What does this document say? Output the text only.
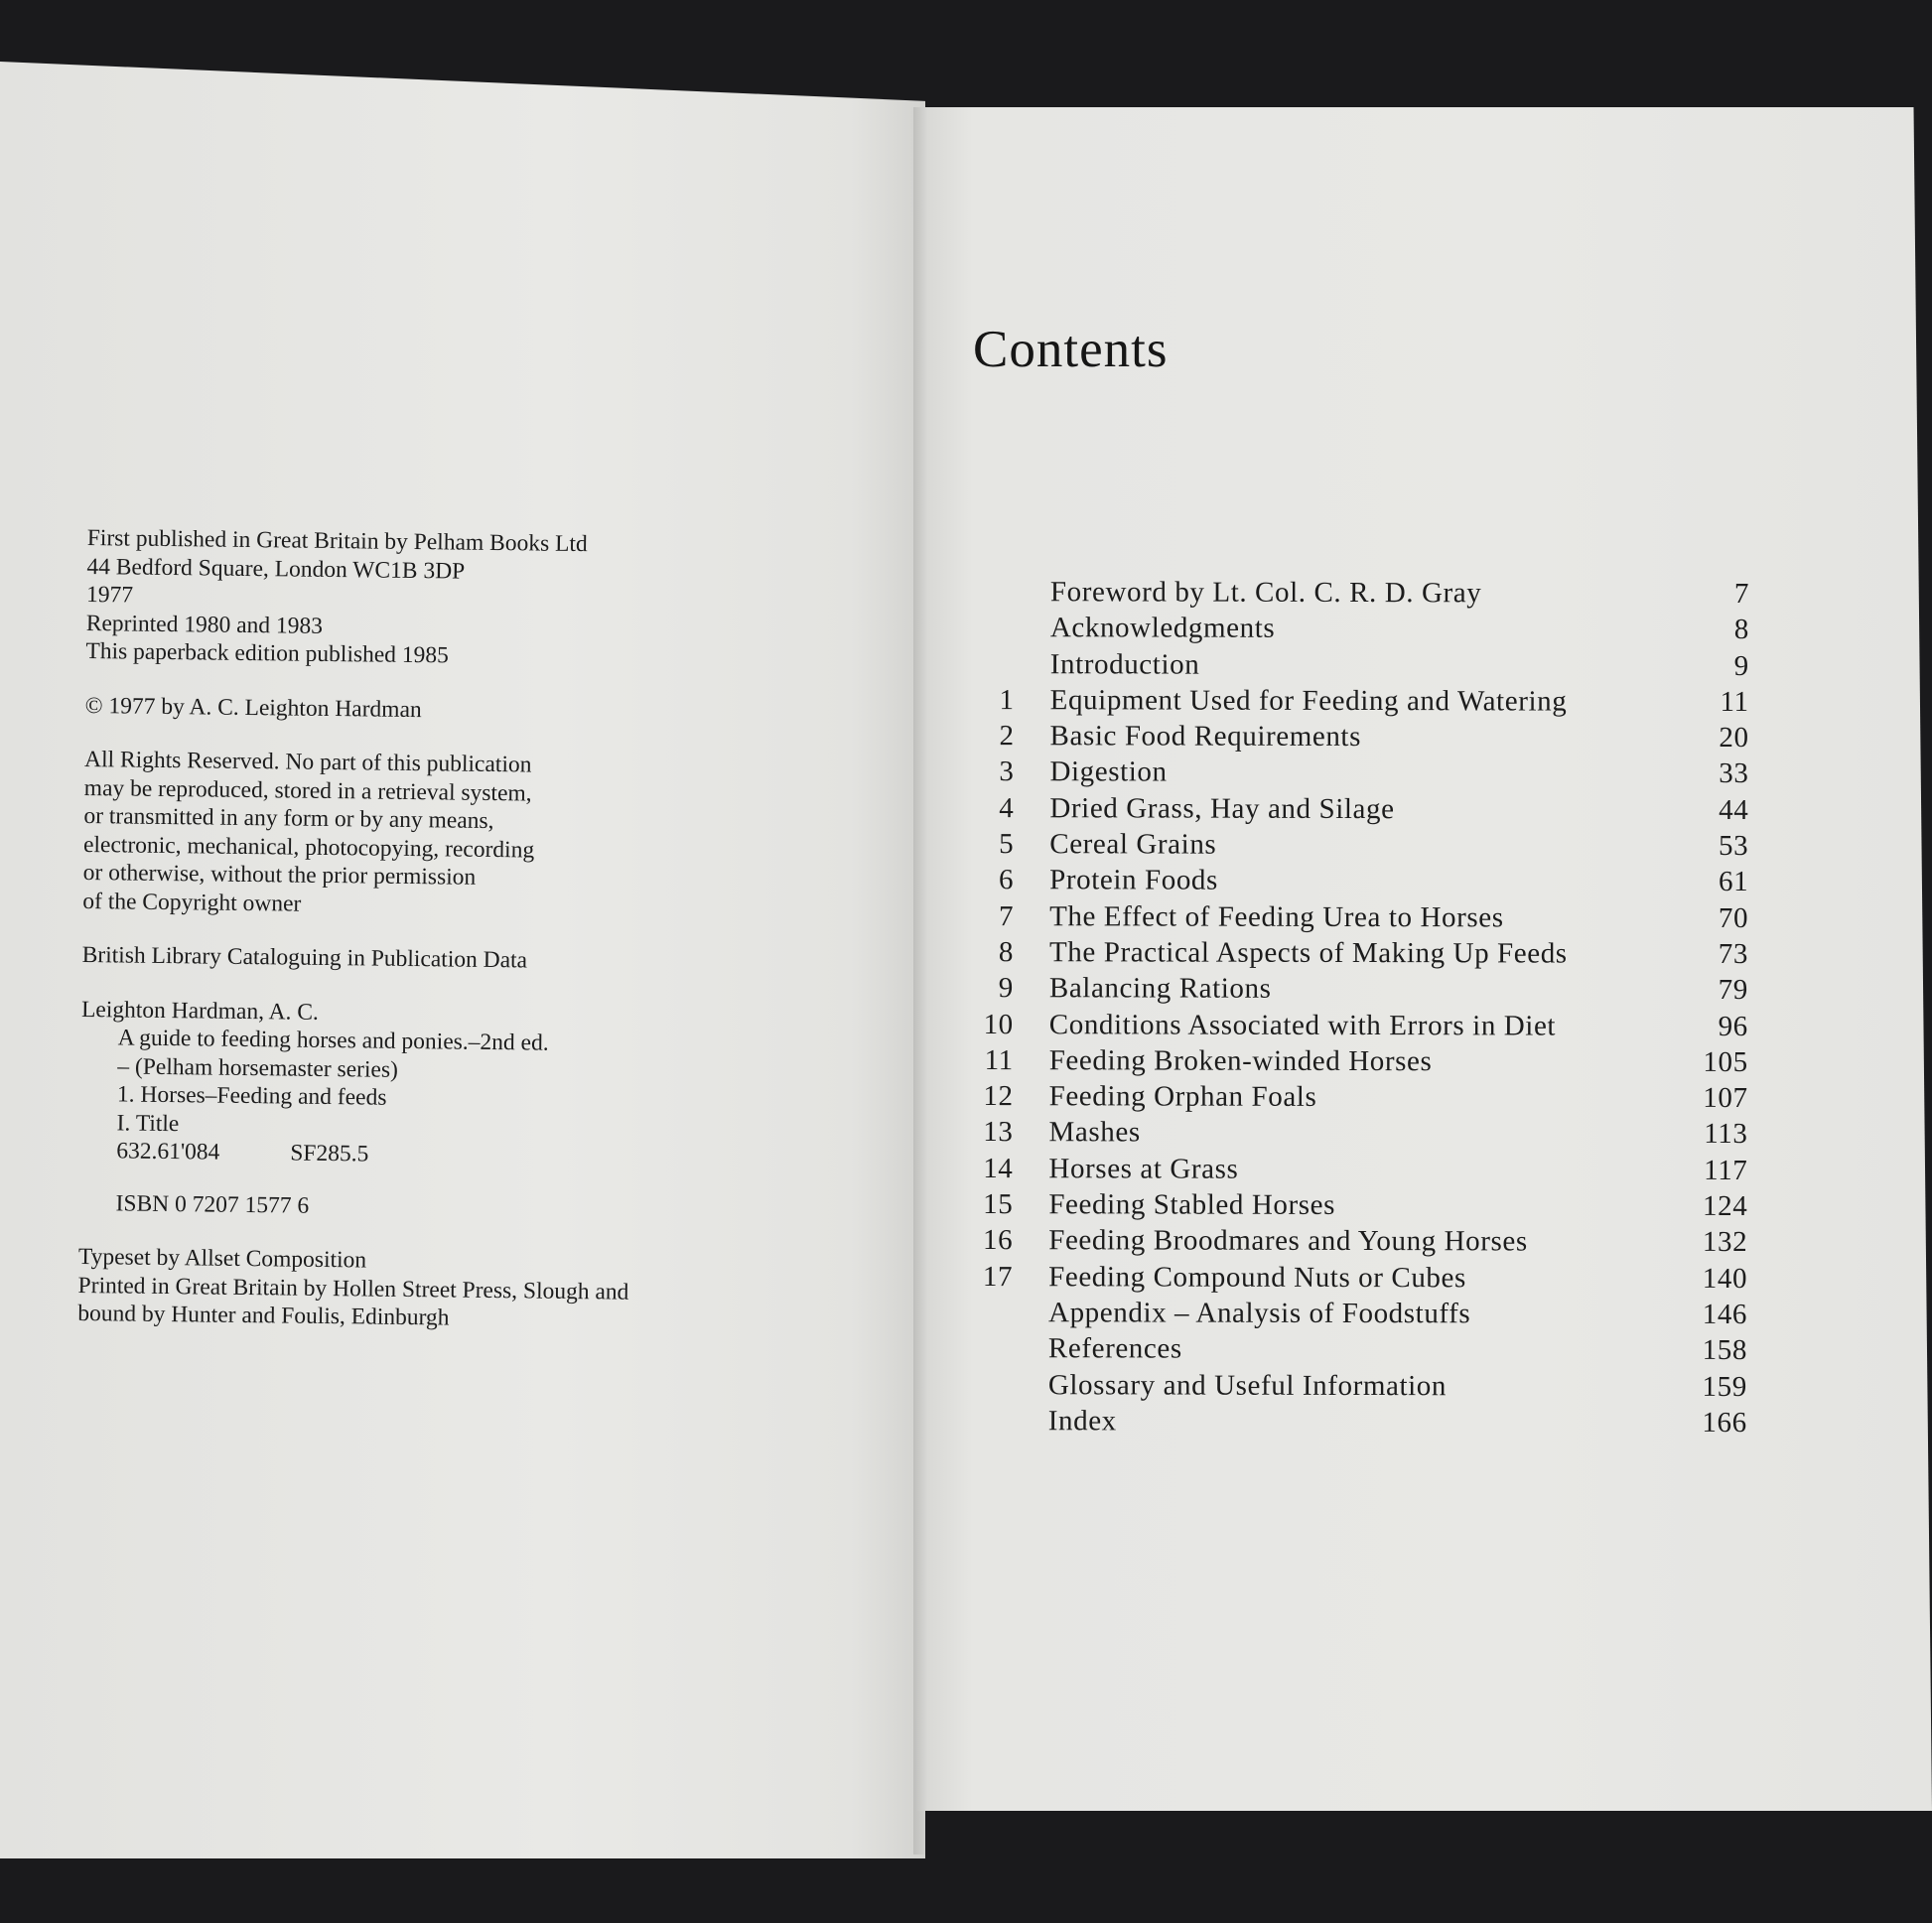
First published in Great Britain by Pelham Books Ltd
44 Bedford Square, London WC1B 3DP
1977
Reprinted 1980 and 1983
This paperback edition published 1985
© 1977 by A. C. Leighton Hardman
All Rights Reserved. No part of this publication
may be reproduced, stored in a retrieval system,
or transmitted in any form or by any means,
electronic, mechanical, photocopying, recording
or otherwise, without the prior permission
of the Copyright owner
British Library Cataloguing in Publication Data
Leighton Hardman, A. C.
A guide to feeding horses and ponies.–2nd ed.
– (Pelham horsemaster series)
1. Horses–Feeding and feeds
I. Title
632.61'084	SF285.5
ISBN 0 7207 1577 6
Typeset by Allset Composition
Printed in Great Britain by Hollen Street Press, Slough and
bound by Hunter and Foulis, Edinburgh
Contents
Foreword by Lt. Col. C. R. D. Gray	7
Acknowledgments	8
Introduction	9
1 Equipment Used for Feeding and Watering	11
2 Basic Food Requirements	20
3 Digestion	33
4 Dried Grass, Hay and Silage	44
5 Cereal Grains	53
6 Protein Foods	61
7 The Effect of Feeding Urea to Horses	70
8 The Practical Aspects of Making Up Feeds	73
9 Balancing Rations	79
10 Conditions Associated with Errors in Diet	96
11 Feeding Broken-winded Horses	105
12 Feeding Orphan Foals	107
13 Mashes	113
14 Horses at Grass	117
15 Feeding Stabled Horses	124
16 Feeding Broodmares and Young Horses	132
17 Feeding Compound Nuts or Cubes	140
Appendix – Analysis of Foodstuffs	146
References	158
Glossary and Useful Information	159
Index	166
